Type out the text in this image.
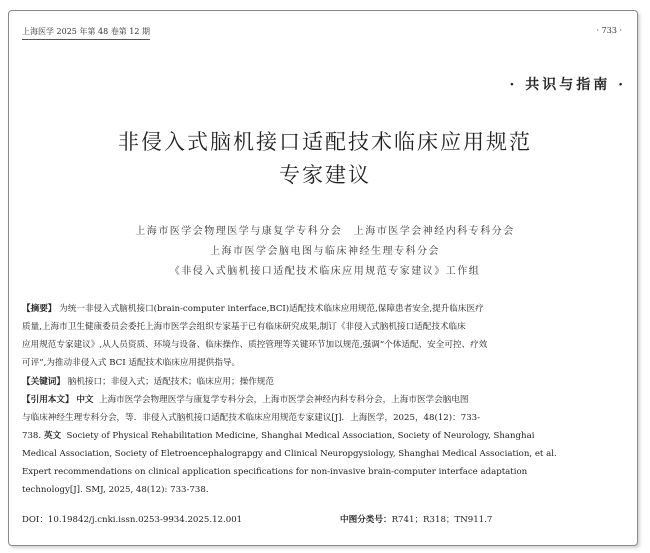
上海医学 2025 年第 48 卷第 12 期	· 733 ·
· 共识与指南 ·
非侵入式脑机接口适配技术临床应用规范
专家建议
上海市医学会物理医学与康复学专科分会　上海市医学会神经内科专科分会
上海市医学会脑电图与临床神经生理专科分会
《非侵入式脑机接口适配技术临床应用规范专家建议》工作组
【摘要】 为统一非侵入式脑机接口(brain-computer interface,BCI)适配技术临床应用规范,保障患者安全,提升临床医疗
质量,上海市卫生健康委员会委托上海市医学会组织专家基于已有临床研究成果,制订《非侵入式脑机接口适配技术临床
应用规范专家建议》,从人员资质、环境与设备、临床操作、质控管理等关键环节加以规范,强调“个体适配、安全可控、疗效
可评”,为推动非侵入式 BCI 适配技术临床应用提供指导。
【关键词】 脑机接口；非侵入式；适配技术；临床应用；操作规范
【引用本文】 中文 上海市医学会物理医学与康复学专科分会，上海市医学会神经内科专科分会，上海市医学会脑电图
与临床神经生理专科分会，等．非侵入式脑机接口适配技术临床应用规范专家建议[J]．上海医学，2025，48(12)：733-
738. 英文 Society of Physical Rehabilitation Medicine, Shanghai Medical Association, Society of Neurology, Shanghai
Medical Association, Society of Eletroencephalograpgy and Clinical Neuropgysiology, Shanghai Medical Association, et al.
Expert recommendations on clinical application specifications for non-invasive brain-computer interface adaptation
technology[J]. SMJ, 2025, 48(12): 733-738.
DOI：10.19842/j.cnki.issn.0253-9934.2025.12.001	中图分类号：R741；R318；TN911.7
